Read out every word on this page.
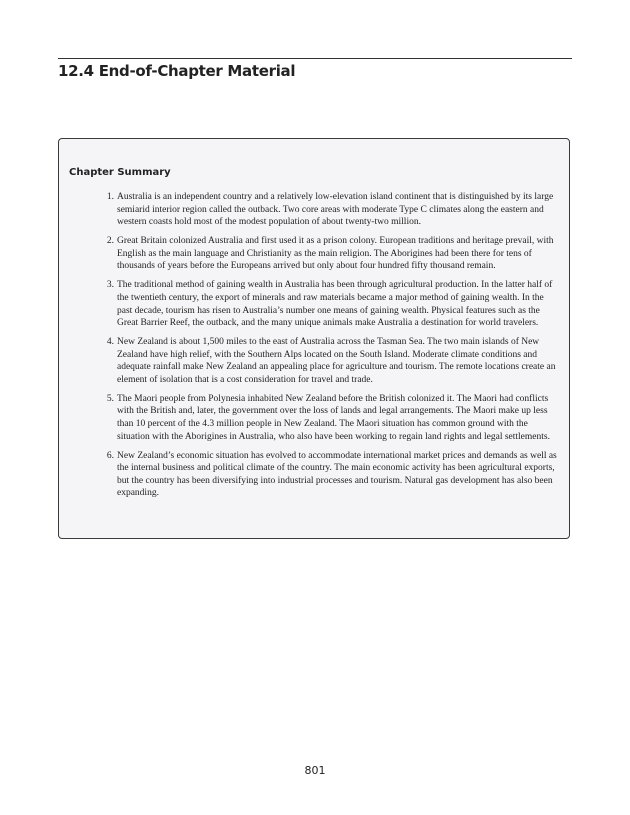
12.4 End-of-Chapter Material
Chapter Summary
1. Australia is an independent country and a relatively low-elevation island continent that is distinguished by its large semiarid interior region called the outback. Two core areas with moderate Type C climates along the eastern and western coasts hold most of the modest population of about twenty-two million.
2. Great Britain colonized Australia and first used it as a prison colony. European traditions and heritage prevail, with English as the main language and Christianity as the main religion. The Aborigines had been there for tens of thousands of years before the Europeans arrived but only about four hundred fifty thousand remain.
3. The traditional method of gaining wealth in Australia has been through agricultural production. In the latter half of the twentieth century, the export of minerals and raw materials became a major method of gaining wealth. In the past decade, tourism has risen to Australia’s number one means of gaining wealth. Physical features such as the Great Barrier Reef, the outback, and the many unique animals make Australia a destination for world travelers.
4. New Zealand is about 1,500 miles to the east of Australia across the Tasman Sea. The two main islands of New Zealand have high relief, with the Southern Alps located on the South Island. Moderate climate conditions and adequate rainfall make New Zealand an appealing place for agriculture and tourism. The remote locations create an element of isolation that is a cost consideration for travel and trade.
5. The Maori people from Polynesia inhabited New Zealand before the British colonized it. The Maori had conflicts with the British and, later, the government over the loss of lands and legal arrangements. The Maori make up less than 10 percent of the 4.3 million people in New Zealand. The Maori situation has common ground with the situation with the Aborigines in Australia, who also have been working to regain land rights and legal settlements.
6. New Zealand’s economic situation has evolved to accommodate international market prices and demands as well as the internal business and political climate of the country. The main economic activity has been agricultural exports, but the country has been diversifying into industrial processes and tourism. Natural gas development has also been expanding.
801
